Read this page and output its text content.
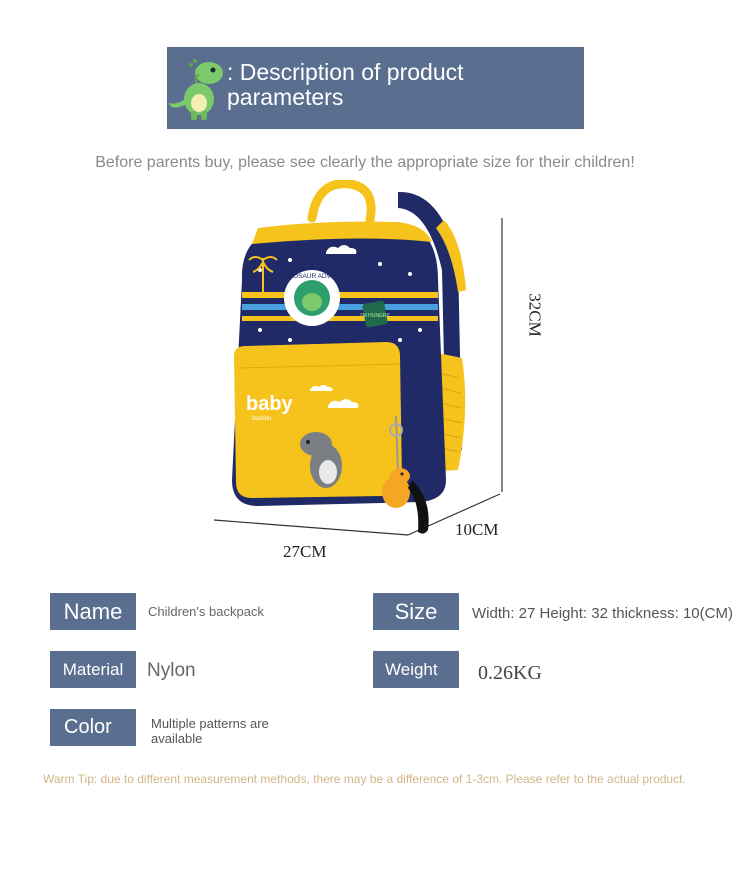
: Description of product parameters
Before parents buy, please see clearly the appropriate size for their children!
TYRANNOSAUR ADVENTURE
I'M HUNGRY
baby
fashion
27CM
10CM
32CM
Name	Children's backpack	Size	Width: 27 Height: 32 thickness: 10(CM)
Material	Nylon	Weight	0.26KG
Color	Multiple patterns are available
Warm Tip: due to different measurement methods, there may be a difference of 1-3cm. Please refer to the actual product.
